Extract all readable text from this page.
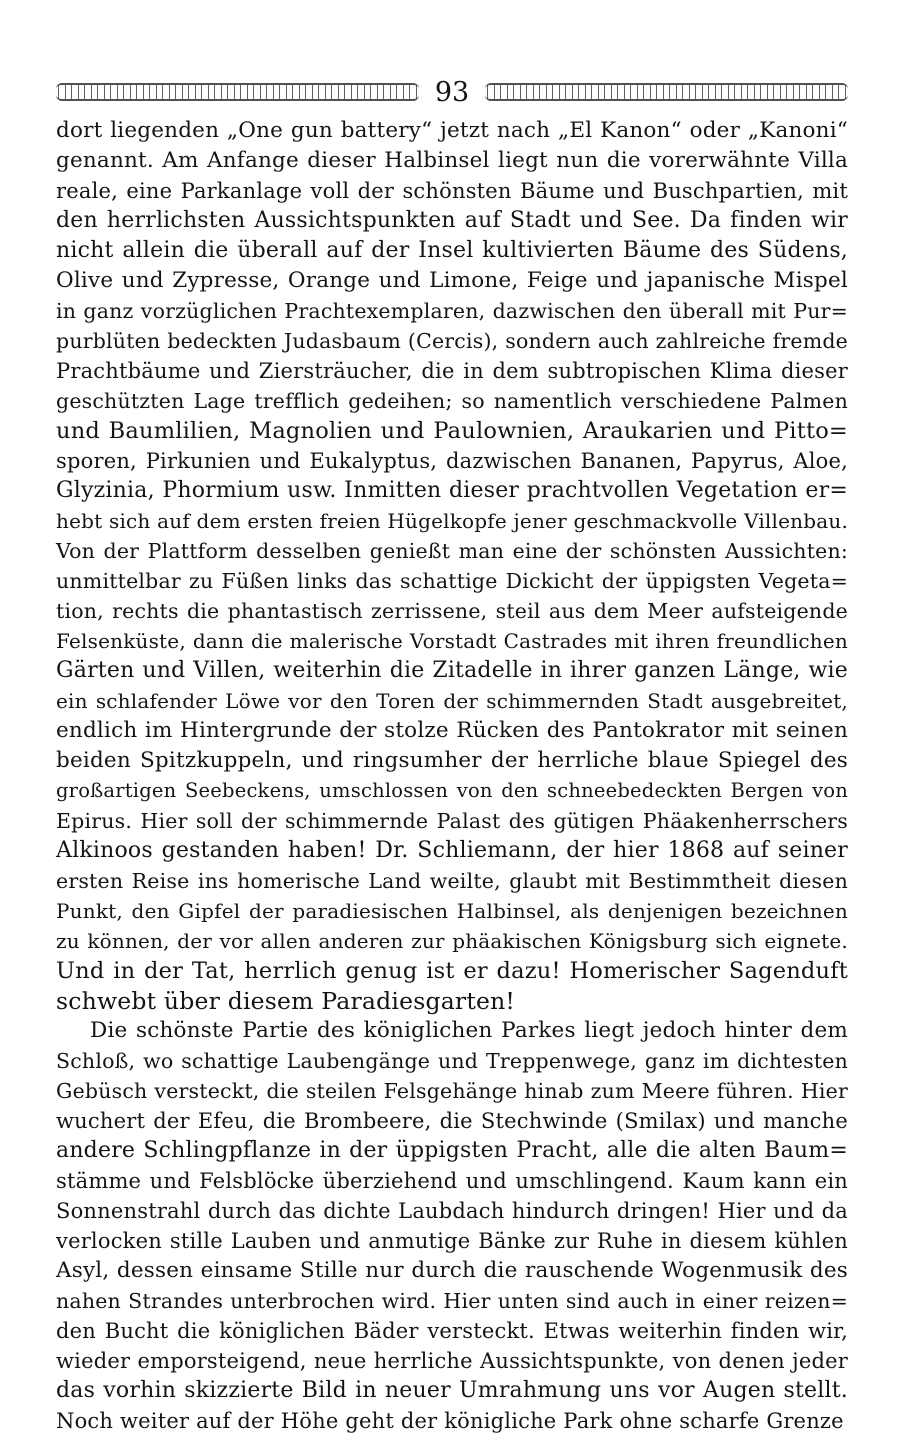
93
dort liegenden „One gun battery“ jetzt nach „El Kanon“ oder „Kanoni“
genannt. Am Anfange dieser Halbinsel liegt nun die vorerwähnte Villa
reale, eine Parkanlage voll der schönsten Bäume und Buschpartien, mit
den herrlichsten Aussichtspunkten auf Stadt und See. Da finden wir
nicht allein die überall auf der Insel kultivierten Bäume des Südens,
Olive und Zypresse, Orange und Limone, Feige und japanische Mispel
in ganz vorzüglichen Prachtexemplaren, dazwischen den überall mit Pur=
purblüten bedeckten Judasbaum (Cercis), sondern auch zahlreiche fremde
Prachtbäume und Ziersträucher, die in dem subtropischen Klima dieser
geschützten Lage trefflich gedeihen; so namentlich verschiedene Palmen
und Baumlilien, Magnolien und Paulownien, Araukarien und Pitto=
sporen, Pirkunien und Eukalyptus, dazwischen Bananen, Papyrus, Aloe,
Glyzinia, Phormium usw. Inmitten dieser prachtvollen Vegetation er=
hebt sich auf dem ersten freien Hügelkopfe jener geschmackvolle Villenbau.
Von der Plattform desselben genießt man eine der schönsten Aussichten:
unmittelbar zu Füßen links das schattige Dickicht der üppigsten Vegeta=
tion, rechts die phantastisch zerrissene, steil aus dem Meer aufsteigende
Felsenküste, dann die malerische Vorstadt Castrades mit ihren freundlichen
Gärten und Villen, weiterhin die Zitadelle in ihrer ganzen Länge, wie
ein schlafender Löwe vor den Toren der schimmernden Stadt ausgebreitet,
endlich im Hintergrunde der stolze Rücken des Pantokrator mit seinen
beiden Spitzkuppeln, und ringsumher der herrliche blaue Spiegel des
großartigen Seebeckens, umschlossen von den schneebedeckten Bergen von
Epirus. Hier soll der schimmernde Palast des gütigen Phäakenherrschers
Alkinoos gestanden haben! Dr. Schliemann, der hier 1868 auf seiner
ersten Reise ins homerische Land weilte, glaubt mit Bestimmtheit diesen
Punkt, den Gipfel der paradiesischen Halbinsel, als denjenigen bezeichnen
zu können, der vor allen anderen zur phäakischen Königsburg sich eignete.
Und in der Tat, herrlich genug ist er dazu! Homerischer Sagenduft
schwebt über diesem Paradiesgarten!
Die schönste Partie des königlichen Parkes liegt jedoch hinter dem
Schloß, wo schattige Laubengänge und Treppenwege, ganz im dichtesten
Gebüsch versteckt, die steilen Felsgehänge hinab zum Meere führen. Hier
wuchert der Efeu, die Brombeere, die Stechwinde (Smilax) und manche
andere Schlingpflanze in der üppigsten Pracht, alle die alten Baum=
stämme und Felsblöcke überziehend und umschlingend. Kaum kann ein
Sonnenstrahl durch das dichte Laubdach hindurch dringen! Hier und da
verlocken stille Lauben und anmutige Bänke zur Ruhe in diesem kühlen
Asyl, dessen einsame Stille nur durch die rauschende Wogenmusik des
nahen Strandes unterbrochen wird. Hier unten sind auch in einer reizen=
den Bucht die königlichen Bäder versteckt. Etwas weiterhin finden wir,
wieder emporsteigend, neue herrliche Aussichtspunkte, von denen jeder
das vorhin skizzierte Bild in neuer Umrahmung uns vor Augen stellt.
Noch weiter auf der Höhe geht der königliche Park ohne scharfe Grenze
